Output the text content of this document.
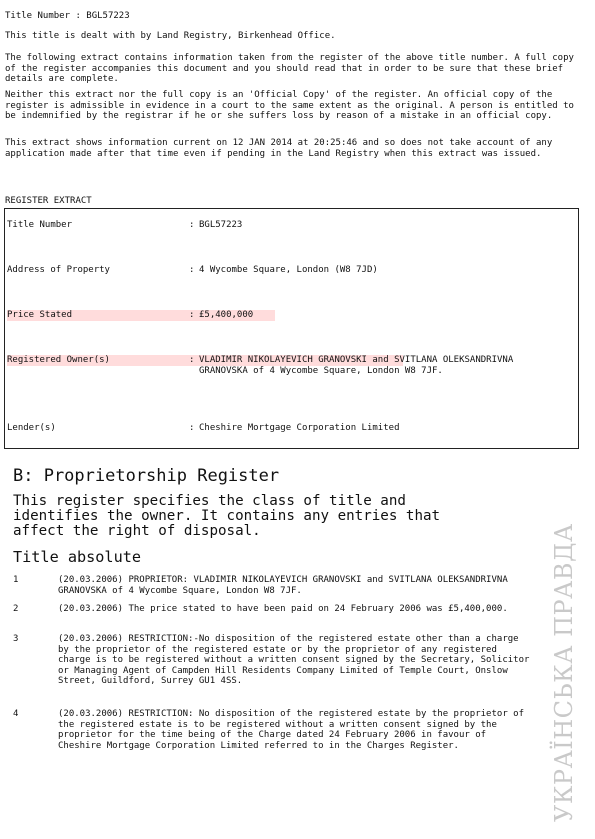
Title Number : BGL57223
This title is dealt with by Land Registry, Birkenhead Office.
The following extract contains information taken from the register of the above title number. A full copy of the register accompanies this document and you should read that in order to be sure that these brief details are complete.
Neither this extract nor the full copy is an 'Official Copy' of the register. An official copy of the register is admissible in evidence in a court to the same extent as the original. A person is entitled to be indemnified by the registrar if he or she suffers loss by reason of a mistake in an official copy.
This extract shows information current on 12 JAN 2014 at 20:25:46 and so does not take account of any application made after that time even if pending in the Land Registry when this extract was issued.
REGISTER EXTRACT
Title Number	: BGL57223
Address of Property	: 4 Wycombe Square, London (W8 7JD)
Price Stated	: £5,400,000
Registered Owner(s)	: VLADIMIR NIKOLAYEVICH GRANOVSKI and SVITLANA OLEKSANDRIVNA GRANOVSKA of 4 Wycombe Square, London W8 7JF.
Lender(s)	: Cheshire Mortgage Corporation Limited
B: Proprietorship Register
This register specifies the class of title and identifies the owner. It contains any entries that affect the right of disposal.
Title absolute
1	(20.03.2006) PROPRIETOR: VLADIMIR NIKOLAYEVICH GRANOVSKI and SVITLANA OLEKSANDRIVNA GRANOVSKA of 4 Wycombe Square, London W8 7JF.
2	(20.03.2006) The price stated to have been paid on 24 February 2006 was £5,400,000.
3	(20.03.2006) RESTRICTION:-No disposition of the registered estate other than a charge by the proprietor of the registered estate or by the proprietor of any registered charge is to be registered without a written consent signed by the Secretary, Solicitor or Managing Agent of Campden Hill Residents Company Limited of Temple Court, Onslow Street, Guildford, Surrey GU1 4SS.
4	(20.03.2006) RESTRICTION: No disposition of the registered estate by the proprietor of the registered estate is to be registered without a written consent signed by the proprietor for the time being of the Charge dated 24 February 2006 in favour of Cheshire Mortgage Corporation Limited referred to in the Charges Register.	УКРАЇНСЬКА ПРАВДА
